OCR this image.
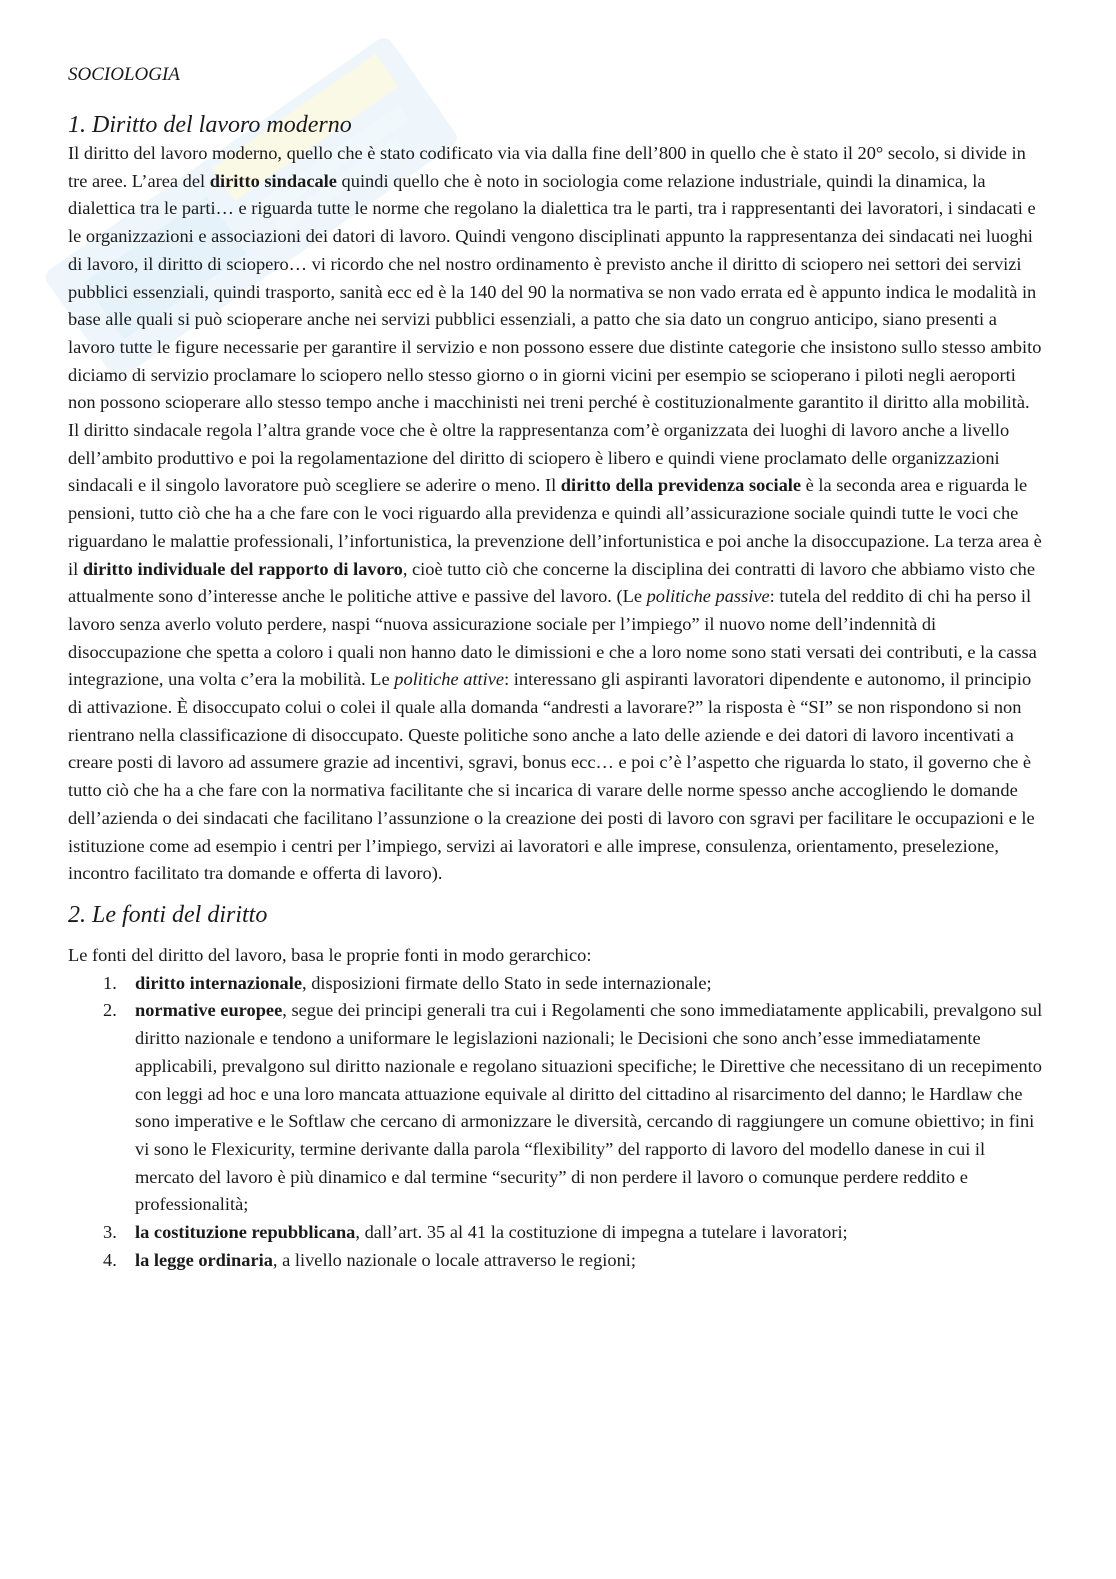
SOCIOLOGIA
1. Diritto del lavoro moderno

Il diritto del lavoro moderno, quello che è stato codificato via via dalla fine dell’800 in quello che è stato il 20° secolo, si divide in tre aree. L’area del diritto sindacale quindi quello che è noto in sociologia come relazione industriale, quindi la dinamica, la dialettica tra le parti… e riguarda tutte le norme che regolano la dialettica tra le parti, tra i rappresentanti dei lavoratori, i sindacati e le organizzazioni e associazioni dei datori di lavoro. Quindi vengono disciplinati appunto la rappresentanza dei sindacati nei luoghi di lavoro, il diritto di sciopero… vi ricordo che nel nostro ordinamento è previsto anche il diritto di sciopero nei settori dei servizi pubblici essenziali, quindi trasporto, sanità ecc ed è la 140 del 90 la normativa se non vado errata ed è appunto indica le modalità in base alle quali si può scioperare anche nei servizi pubblici essenziali, a patto che sia dato un congruo anticipo, siano presenti a lavoro tutte le figure necessarie per garantire il servizio e non possono essere due distinte categorie che insistono sullo stesso ambito diciamo di servizio proclamare lo sciopero nello stesso giorno o in giorni vicini per esempio se scioperano i piloti negli aeroporti non possono scioperare allo stesso tempo anche i macchinisti nei treni perché è costituzionalmente garantito il diritto alla mobilità. Il diritto sindacale regola l’altra grande voce che è oltre la rappresentanza com’è organizzata dei luoghi di lavoro anche a livello dell’ambito produttivo e poi la regolamentazione del diritto di sciopero è libero e quindi viene proclamato delle organizzazioni sindacali e il singolo lavoratore può scegliere se aderire o meno. Il diritto della previdenza sociale è la seconda area e riguarda le pensioni, tutto ciò che ha a che fare con le voci riguardo alla previdenza e quindi all’assicurazione sociale quindi tutte le voci che riguardano le malattie professionali, l’infortunistica, la prevenzione dell’infortunistica e poi anche la disoccupazione. La terza area è il diritto individuale del rapporto di lavoro, cioè tutto ciò che concerne la disciplina dei contratti di lavoro che abbiamo visto che attualmente sono d’interesse anche le politiche attive e passive del lavoro. (Le politiche passive: tutela del reddito di chi ha perso il lavoro senza averlo voluto perdere, naspi “nuova assicurazione sociale per l’impiego” il nuovo nome dell’indennità di disoccupazione che spetta a coloro i quali non hanno dato le dimissioni e che a loro nome sono stati versati dei contributi, e la cassa integrazione, una volta c’era la mobilità. Le politiche attive: interessano gli aspiranti lavoratori dipendente e autonomo, il principio di attivazione. È disoccupato colui o colei il quale alla domanda “andresti a lavorare?” la risposta è “SI” se non rispondono si non rientrano nella classificazione di disoccupato. Queste politiche sono anche a lato delle aziende e dei datori di lavoro incentivati a creare posti di lavoro ad assumere grazie ad incentivi, sgravi, bonus ecc… e poi c’è l’aspetto che riguarda lo stato, il governo che è tutto ciò che ha a che fare con la normativa facilitante che si incarica di varare delle norme spesso anche accogliendo le domande dell’azienda o dei sindacati che facilitano l’assunzione o la creazione dei posti di lavoro con sgravi per facilitare le occupazioni e le istituzione come ad esempio i centri per l’impiego, servizi ai lavoratori e alle imprese, consulenza, orientamento, preselezione, incontro facilitato tra domande e offerta di lavoro).

2. Le fonti del diritto

Le fonti del diritto del lavoro, basa le proprie fonti in modo gerarchico:

1. diritto internazionale, disposizioni firmate dello Stato in sede internazionale;
2. normative europee, segue dei principi generali tra cui i Regolamenti che sono immediatamente applicabili, prevalgono sul diritto nazionale e tendono a uniformare le legislazioni nazionali; le Decisioni che sono anch’esse immediatamente applicabili, prevalgono sul diritto nazionale e regolano situazioni specifiche; le Direttive che necessitano di un recepimento con leggi ad hoc e una loro mancata attuazione equivale al diritto del cittadino al risarcimento del danno; le Hardlaw che sono imperative e le Softlaw che cercano di armonizzare le diversità, cercando di raggiungere un comune obiettivo; in fini vi sono le Flexicurity, termine derivante dalla parola “flexibility” del rapporto di lavoro del modello danese in cui il mercato del lavoro è più dinamico e dal termine “security” di non perdere il lavoro o comunque perdere reddito e professionalità;
3. la costituzione repubblicana, dall’art. 35 al 41 la costituzione di impegna a tutelare i lavoratori;
4. la legge ordinaria, a livello nazionale o locale attraverso le regioni;
